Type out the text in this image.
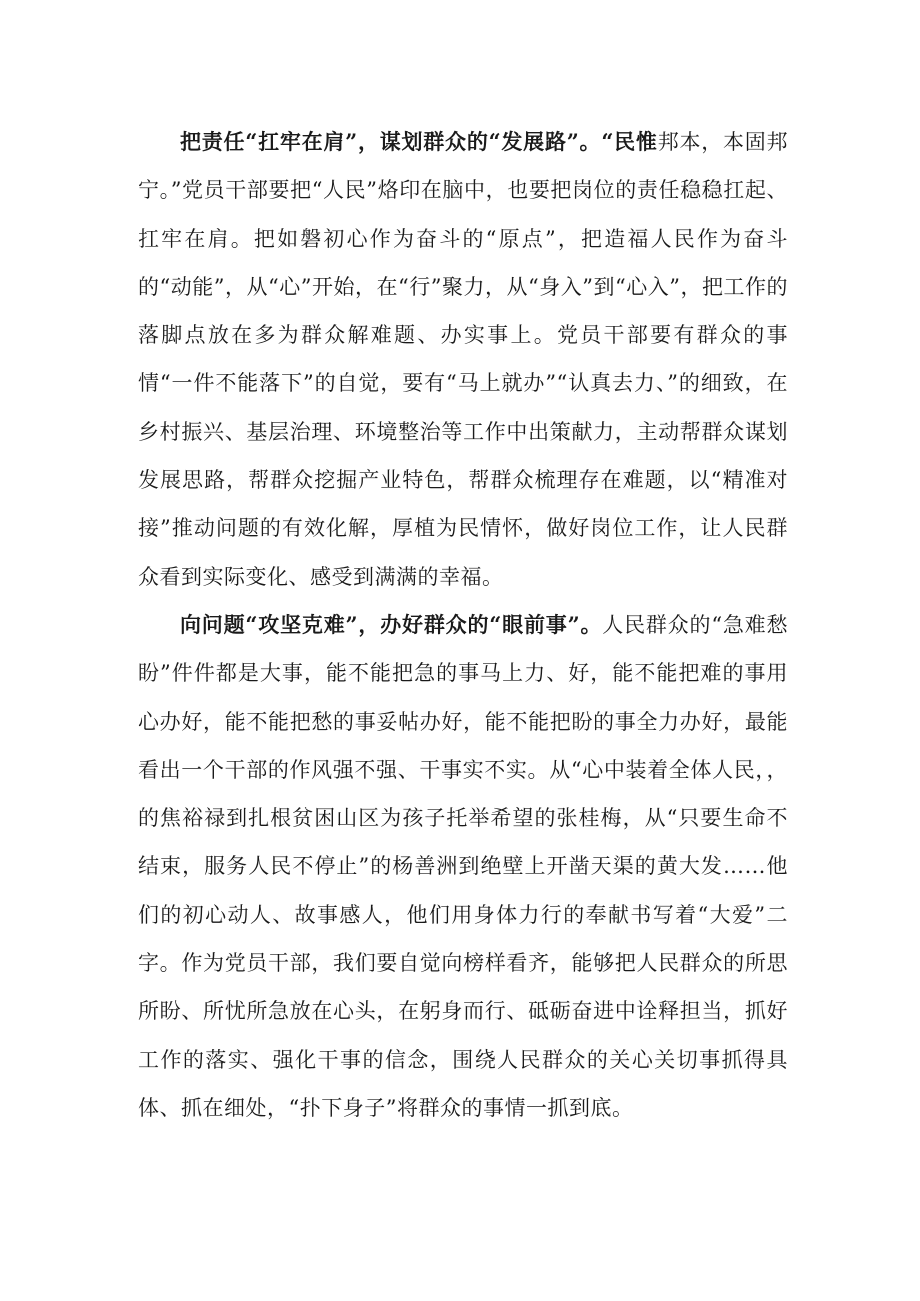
把责任“扛牢在肩”，谋划群众的“发展路”。“民惟邦本，本固邦宁。”党员干部要把“人民”烙印在脑中，也要把岗位的责任稳稳扛起、扛牢在肩。把如磐初心作为奋斗的“原点”，把造福人民作为奋斗的“动能”，从“心”开始，在“行”聚力，从“身入”到“心入”，把工作的落脚点放在多为群众解难题、办实事上。党员干部要有群众的事情“一件不能落下”的自觉，要有“马上就办”“认真去力、”的细致，在乡村振兴、基层治理、环境整治等工作中出策献力，主动帮群众谋划发展思路，帮群众挖掘产业特色，帮群众梳理存在难题，以“精准对接”推动问题的有效化解，厚植为民情怀，做好岗位工作，让人民群众看到实际变化、感受到满满的幸福。

向问题“攻坚克难”，办好群众的“眼前事”。人民群众的“急难愁盼”件件都是大事，能不能把急的事马上力、好，能不能把难的事用心办好，能不能把愁的事妥帖办好，能不能把盼的事全力办好，最能看出一个干部的作风强不强、干事实不实。从“心中装着全体人民，，的焦裕禄到扎根贫困山区为孩子托举希望的张桂梅，从“只要生命不结束，服务人民不停止”的杨善洲到绝壁上开凿天渠的黄大发……他们的初心动人、故事感人，他们用身体力行的奉献书写着“大爱”二字。作为党员干部，我们要自觉向榜样看齐，能够把人民群众的所思所盼、所忧所急放在心头，在躬身而行、砥砺奋进中诠释担当，抓好工作的落实、强化干事的信念，围绕人民群众的关心关切事抓得具体、抓在细处，“扑下身子”将群众的事情一抓到底。
